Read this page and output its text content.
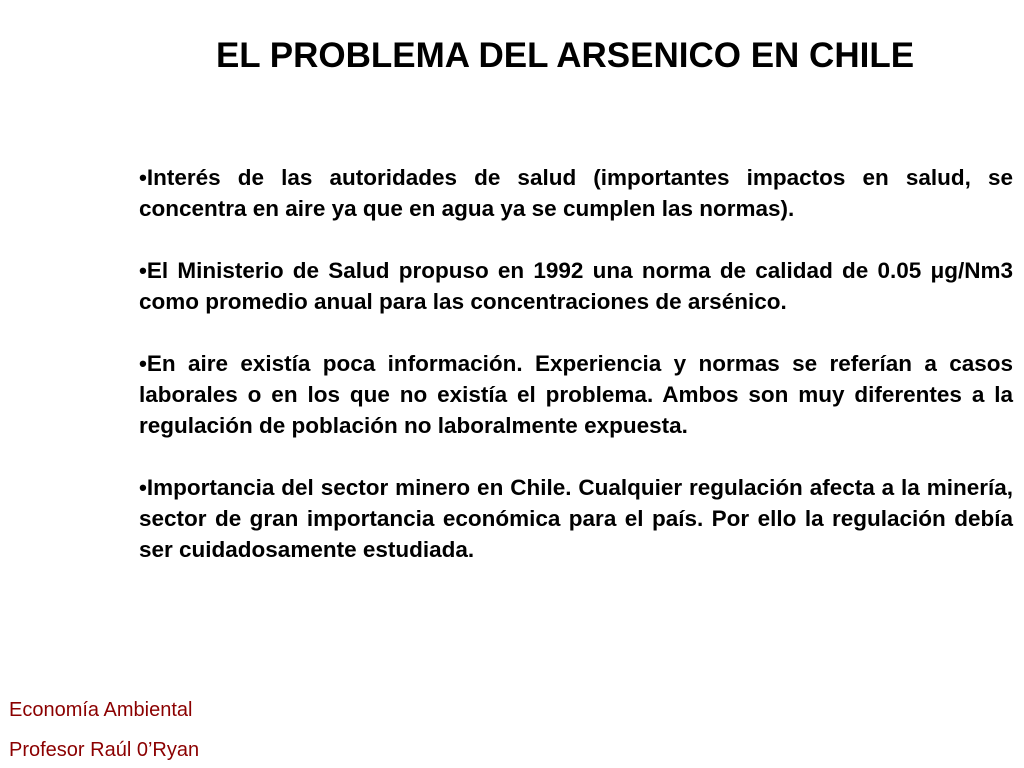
EL PROBLEMA DEL ARSENICO EN CHILE

•Interés de las autoridades de salud (importantes impactos en salud, se concentra en aire ya que en agua ya se cumplen las normas).

•El Ministerio de Salud propuso en 1992 una norma de calidad de 0.05 μg/Nm3 como promedio anual para las concentraciones de arsénico.

•En aire existía poca información. Experiencia y normas se referían a casos laborales o en los que no existía el problema. Ambos son muy diferentes a la regulación de población no laboralmente expuesta.

•Importancia del sector minero en Chile. Cualquier regulación afecta a la minería, sector de gran importancia económica para el país. Por ello la regulación debía ser cuidadosamente estudiada.

Economía Ambiental
Profesor Raúl 0’Ryan
